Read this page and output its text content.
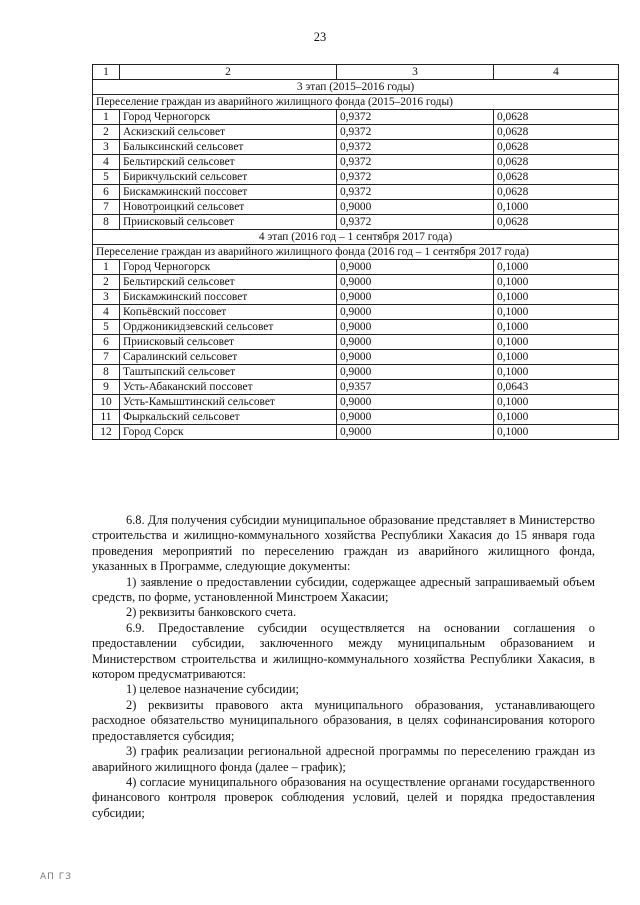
23
1	2	3	4
3 этап (2015–2016 годы)			
Переселение граждан из аварийного жилищного фонда (2015–2016 годы)			
1	Город Черногорск	0,9372	0,0628
2	Аскизский сельсовет	0,9372	0,0628
3	Балыксинский сельсовет	0,9372	0,0628
4	Бельтирский сельсовет	0,9372	0,0628
5	Бирикчульский сельсовет	0,9372	0,0628
6	Бискамжинский поссовет	0,9372	0,0628
7	Новотроицкий сельсовет	0,9000	0,1000
8	Приисковый сельсовет	0,9372	0,0628
4 этап (2016 год – 1 сентября 2017 года)			
Переселение граждан из аварийного жилищного фонда (2016 год – 1 сентября 2017 года)			
1	Город Черногорск	0,9000	0,1000
2	Бельтирский сельсовет	0,9000	0,1000
3	Бискамжинский поссовет	0,9000	0,1000
4	Копьёвский поссовет	0,9000	0,1000
5	Орджоникидзевский сельсовет	0,9000	0,1000
6	Приисковый сельсовет	0,9000	0,1000
7	Саралинский сельсовет	0,9000	0,1000
8	Таштыпский сельсовет	0,9000	0,1000
9	Усть-Абаканский поссовет	0,9357	0,0643
10	Усть-Камыштинский сельсовет	0,9000	0,1000
11	Фыркальский сельсовет	0,9000	0,1000
12	Город Сорск	0,9000	0,1000

6.8. Для получения субсидии муниципальное образование представляет в Министерство строительства и жилищно-коммунального хозяйства Республики Хакасия до 15 января года проведения мероприятий по переселению граждан из аварийного жилищного фонда, указанных в Программе, следующие документы:

1) заявление о предоставлении субсидии, содержащее адресный запрашиваемый объем средств, по форме, установленной Минстроем Хакасии;

2) реквизиты банковского счета.

6.9. Предоставление субсидии осуществляется на основании соглашения о предоставлении субсидии, заключенного между муниципальным образованием и Министерством строительства и жилищно-коммунального хозяйства Республики Хакасия, в котором предусматриваются:

1) целевое назначение субсидии;

2) реквизиты правового акта муниципального образования, устанавливающего расходное обязательство муниципального образования, в целях софинансирования которого предоставляется субсидия;

3) график реализации региональной адресной программы по переселению граждан из аварийного жилищного фонда (далее – график);

4) согласие муниципального образования на осуществление органами государственного финансового контроля проверок соблюдения условий, целей и порядка предоставления субсидии;

АП ГЗ
